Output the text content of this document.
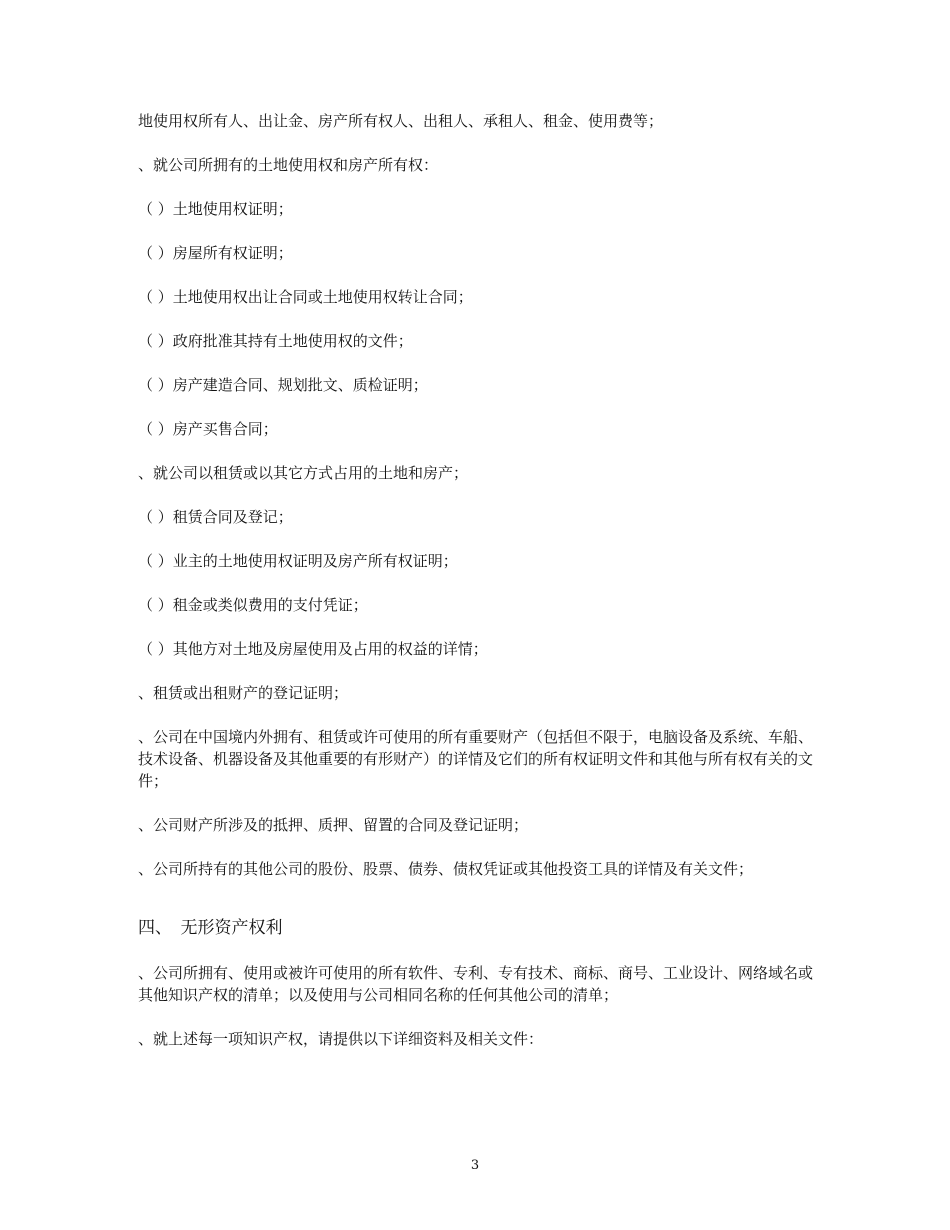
地使用权所有人、出让金、房产所有权人、出租人、承租人、租金、使用费等；

、就公司所拥有的土地使用权和房产所有权：

（ ）土地使用权证明；

（ ）房屋所有权证明；

（ ）土地使用权出让合同或土地使用权转让合同；

（ ）政府批准其持有土地使用权的文件；

（ ）房产建造合同、规划批文、质检证明；

（ ）房产买售合同；

、就公司以租赁或以其它方式占用的土地和房产；

（ ）租赁合同及登记；

（ ）业主的土地使用权证明及房产所有权证明；

（ ）租金或类似费用的支付凭证；

（ ）其他方对土地及房屋使用及占用的权益的详情；

、租赁或出租财产的登记证明；

、公司在中国境内外拥有、租赁或许可使用的所有重要财产（包括但不限于，电脑设备及系统、车船、技术设备、机器设备及其他重要的有形财产）的详情及它们的所有权证明文件和其他与所有权有关的文件；

、公司财产所涉及的抵押、质押、留置的合同及登记证明；

、公司所持有的其他公司的股份、股票、债券、债权凭证或其他投资工具的详情及有关文件；

四、　无形资产权利

、公司所拥有、使用或被许可使用的所有软件、专利、专有技术、商标、商号、工业设计、网络域名或其他知识产权的清单；以及使用与公司相同名称的任何其他公司的清单；

、就上述每一项知识产权，请提供以下详细资料及相关文件：

3
